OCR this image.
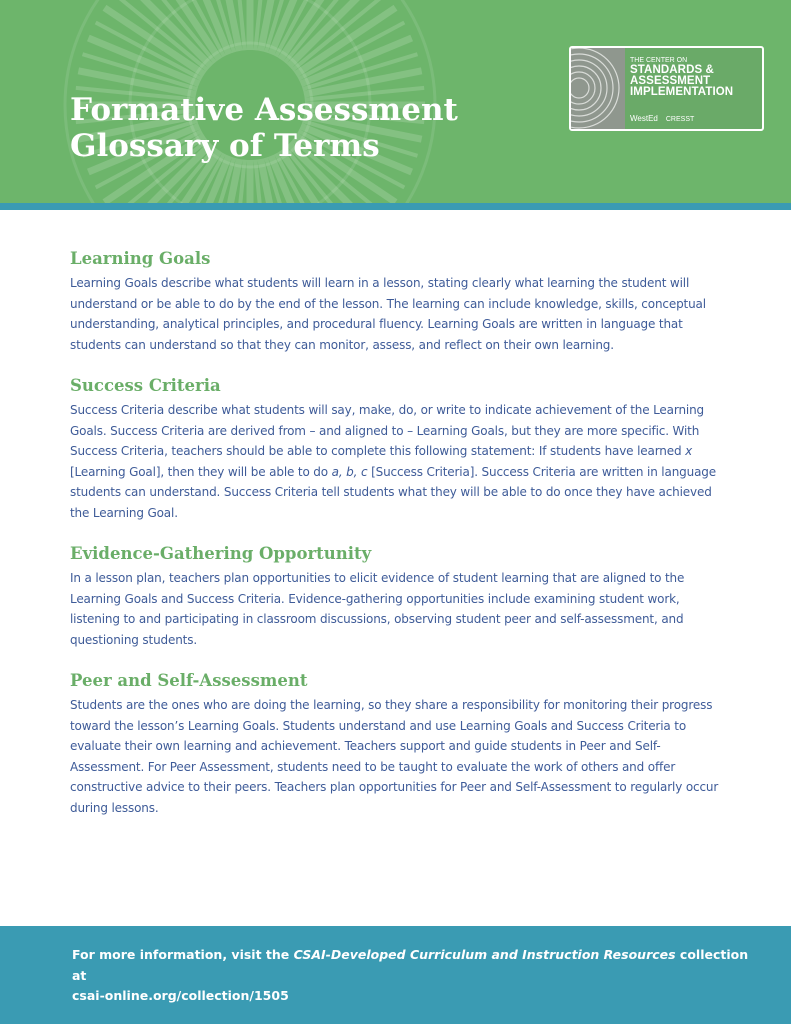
Formative Assessment
Glossary of Terms
THE CENTER ON
STANDARDS &
ASSESSMENT
IMPLEMENTATION
WestEd CRESST
Learning Goals

Learning Goals describe what students will learn in a lesson, stating clearly what learning the student will understand or be able to do by the end of the lesson. The learning can include knowledge, skills, conceptual understanding, analytical principles, and procedural fluency. Learning Goals are written in language that students can understand so that they can monitor, assess, and reflect on their own learning.

Success Criteria

Success Criteria describe what students will say, make, do, or write to indicate achievement of the Learning Goals. Success Criteria are derived from – and aligned to – Learning Goals, but they are more specific. With Success Criteria, teachers should be able to complete this following statement: If students have learned x [Learning Goal], then they will be able to do a, b, c [Success Criteria]. Success Criteria are written in language students can understand. Success Criteria tell students what they will be able to do once they have achieved the Learning Goal.

Evidence-Gathering Opportunity

In a lesson plan, teachers plan opportunities to elicit evidence of student learning that are aligned to the Learning Goals and Success Criteria. Evidence-gathering opportunities include examining student work, listening to and participating in classroom discussions, observing student peer and self-assessment, and questioning students.

Peer and Self-Assessment

Students are the ones who are doing the learning, so they share a responsibility for monitoring their progress toward the lesson’s Learning Goals. Students understand and use Learning Goals and Success Criteria to evaluate their own learning and achievement. Teachers support and guide students in Peer and Self-Assessment. For Peer Assessment, students need to be taught to evaluate the work of others and offer constructive advice to their peers. Teachers plan opportunities for Peer and Self-Assessment to regularly occur during lessons.

For more information, visit the CSAI-Developed Curriculum and Instruction Resources collection at
csai-online.org/collection/1505
